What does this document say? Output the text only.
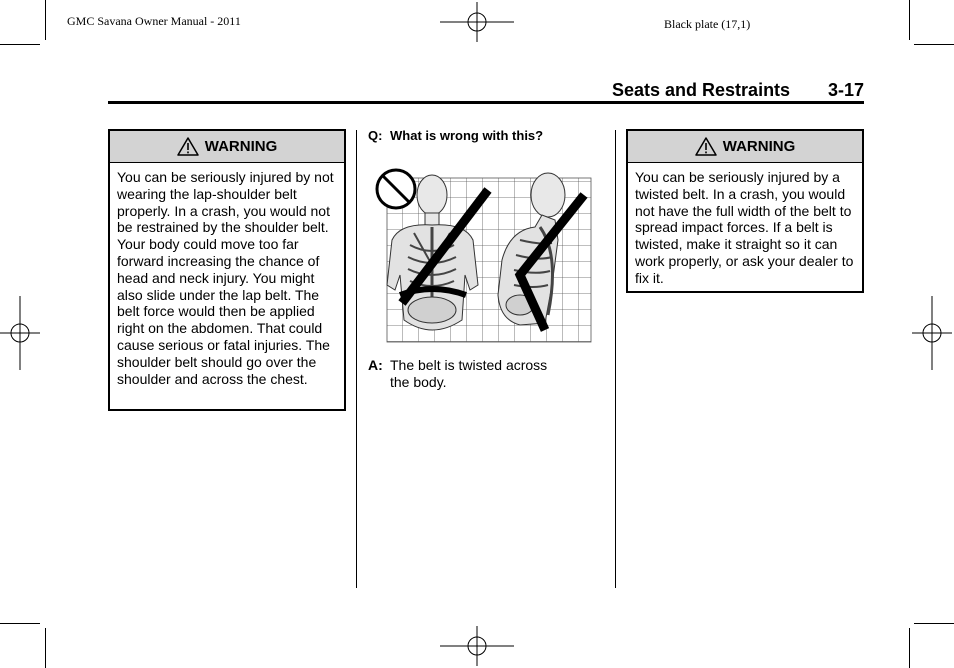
GMC Savana Owner Manual - 2011	Black plate (17,1)
Seats and Restraints 3-17
WARNING
You can be seriously injured by not wearing the lap-shoulder belt properly. In a crash, you would not be restrained by the shoulder belt. Your body could move too far forward increasing the chance of head and neck injury. You might also slide under the lap belt. The belt force would then be applied right on the abdomen. That could cause serious or fatal injuries. The shoulder belt should go over the shoulder and across the chest.
Q: What is wrong with this?
A: The belt is twisted across the body.
WARNING
You can be seriously injured by a twisted belt. In a crash, you would not have the full width of the belt to spread impact forces. If a belt is twisted, make it straight so it can work properly, or ask your dealer to fix it.
